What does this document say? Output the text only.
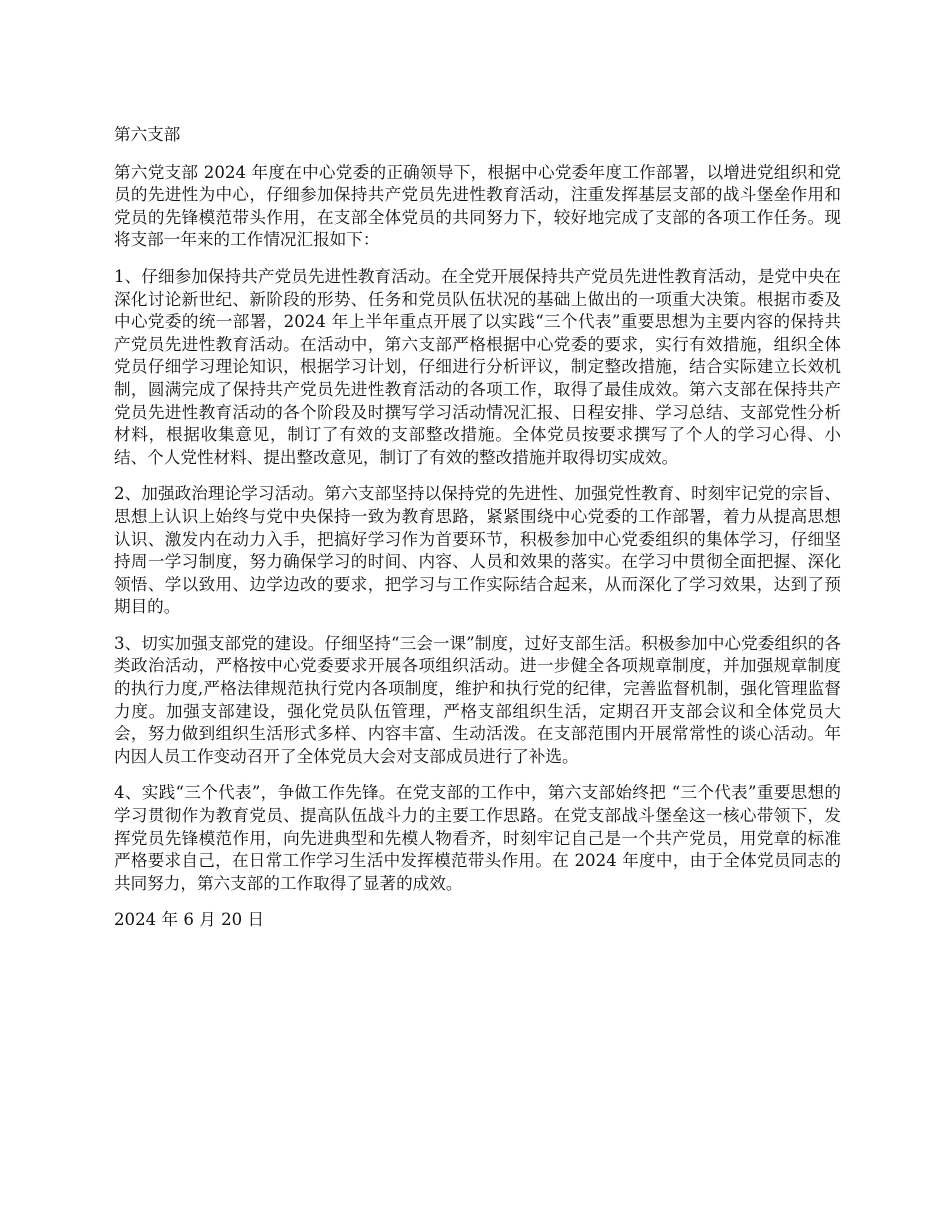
第六支部

第六党支部 2024 年度在中心党委的正确领导下，根据中心党委年度工作部署，以增进党组织和党员的先进性为中心，仔细参加保持共产党员先进性教育活动，注重发挥基层支部的战斗堡垒作用和党员的先锋模范带头作用，在支部全体党员的共同努力下，较好地完成了支部的各项工作任务。现将支部一年来的工作情况汇报如下：

1、仔细参加保持共产党员先进性教育活动。在全党开展保持共产党员先进性教育活动，是党中央在深化讨论新世纪、新阶段的形势、任务和党员队伍状况的基础上做出的一项重大决策。根据市委及中心党委的统一部署，2024 年上半年重点开展了以实践“三个代表”重要思想为主要内容的保持共产党员先进性教育活动。在活动中，第六支部严格根据中心党委的要求，实行有效措施，组织全体党员仔细学习理论知识，根据学习计划，仔细进行分析评议，制定整改措施，结合实际建立长效机制，圆满完成了保持共产党员先进性教育活动的各项工作，取得了最佳成效。第六支部在保持共产党员先进性教育活动的各个阶段及时撰写学习活动情况汇报、日程安排、学习总结、支部党性分析材料，根据收集意见，制订了有效的支部整改措施。全体党员按要求撰写了个人的学习心得、小结、个人党性材料、提出整改意见，制订了有效的整改措施并取得切实成效。

2、加强政治理论学习活动。第六支部坚持以保持党的先进性、加强党性教育、时刻牢记党的宗旨、思想上认识上始终与党中央保持一致为教育思路，紧紧围绕中心党委的工作部署，着力从提高思想认识、激发内在动力入手，把搞好学习作为首要环节，积极参加中心党委组织的集体学习，仔细坚持周一学习制度，努力确保学习的时间、内容、人员和效果的落实。在学习中贯彻全面把握、深化领悟、学以致用、边学边改的要求，把学习与工作实际结合起来，从而深化了学习效果，达到了预期目的。

3、切实加强支部党的建设。仔细坚持“三会一课”制度，过好支部生活。积极参加中心党委组织的各类政治活动，严格按中心党委要求开展各项组织活动。进一步健全各项规章制度，并加强规章制度的执行力度,严格法律规范执行党内各项制度，维护和执行党的纪律，完善监督机制，强化管理监督力度。加强支部建设，强化党员队伍管理，严格支部组织生活，定期召开支部会议和全体党员大会，努力做到组织生活形式多样、内容丰富、生动活泼。在支部范围内开展常常性的谈心活动。年内因人员工作变动召开了全体党员大会对支部成员进行了补选。

4、实践“三个代表”，争做工作先锋。在党支部的工作中，第六支部始终把 “三个代表”重要思想的学习贯彻作为教育党员、提高队伍战斗力的主要工作思路。在党支部战斗堡垒这一核心带领下，发挥党员先锋模范作用，向先进典型和先模人物看齐，时刻牢记自己是一个共产党员，用党章的标准严格要求自己，在日常工作学习生活中发挥模范带头作用。在 2024 年度中，由于全体党员同志的共同努力，第六支部的工作取得了显著的成效。

2024 年 6 月 20 日
